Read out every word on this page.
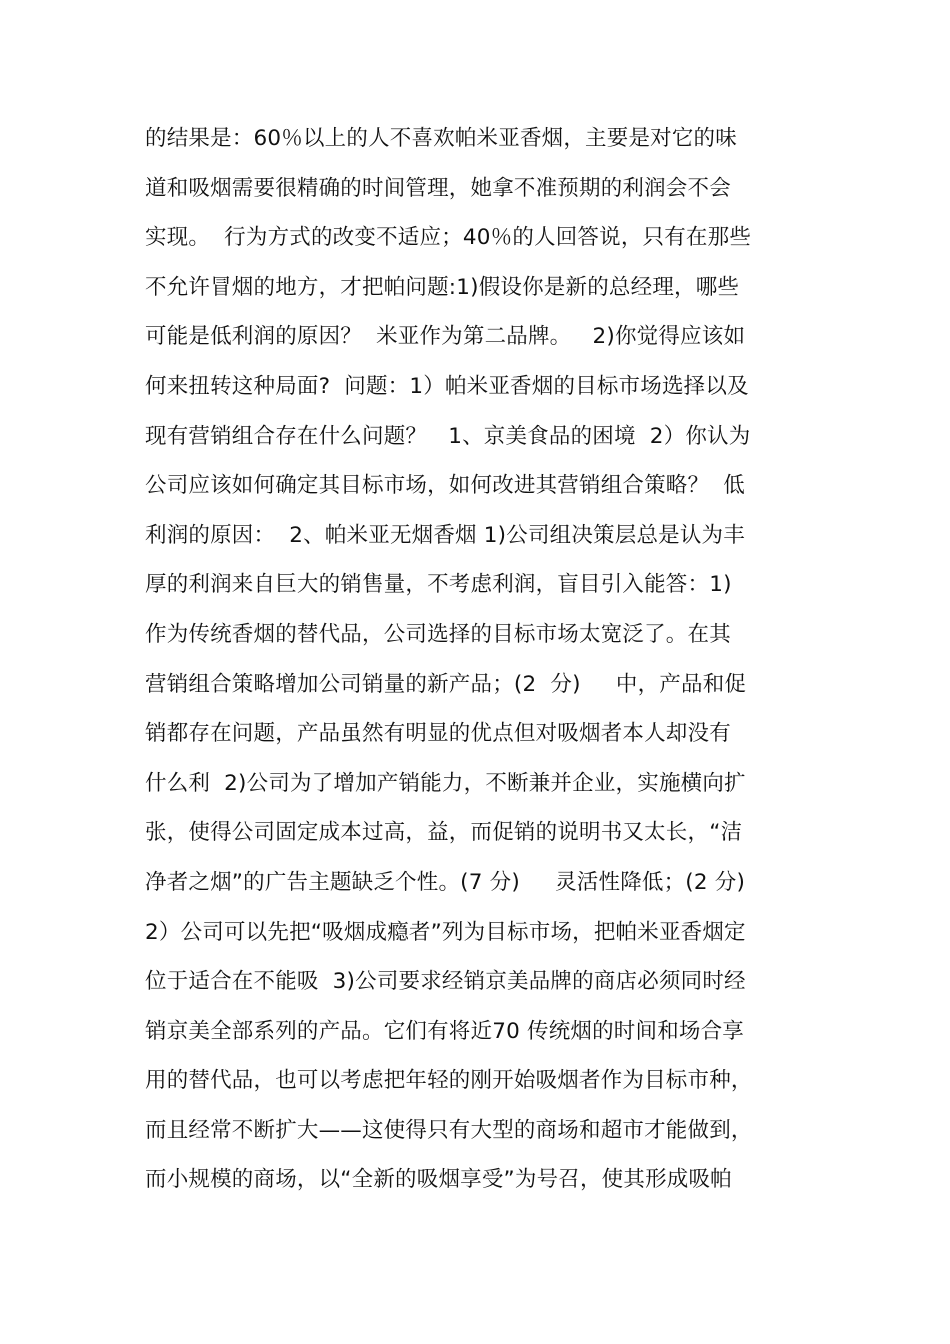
的结果是：60％以上的人不喜欢帕米亚香烟，主要是对它的味
道和吸烟需要很精确的时间管理，她拿不准预期的利润会不会
实现。  行为方式的改变不适应；40％的人回答说，只有在那些
不允许冒烟的地方，才把帕问题:1)假设你是新的总经理，哪些
可能是低利润的原因？  米亚作为第二品牌。   2)你觉得应该如
何来扭转这种局面?  问题：1）帕米亚香烟的目标市场选择以及
现有营销组合存在什么问题？   1、京美食品的困境  2）你认为
公司应该如何确定其目标市场，如何改进其营销组合策略？  低
利润的原因：  2、帕米亚无烟香烟 1)公司组决策层总是认为丰
厚的利润来自巨大的销售量，不考虑利润，盲目引入能答：1)
作为传统香烟的替代品，公司选择的目标市场太宽泛了。在其
营销组合策略增加公司销量的新产品；(2  分)     中，产品和促
销都存在问题，产品虽然有明显的优点但对吸烟者本人却没有
什么利  2)公司为了增加产销能力，不断兼并企业，实施横向扩
张，使得公司固定成本过高，益，而促销的说明书又太长，“洁
净者之烟”的广告主题缺乏个性。(7 分)     灵活性降低；(2 分)
2）公司可以先把“吸烟成瘾者”列为目标市场，把帕米亚香烟定
位于适合在不能吸  3)公司要求经销京美品牌的商店必须同时经
销京美全部系列的产品。它们有将近70 传统烟的时间和场合享
用的替代品，也可以考虑把年轻的刚开始吸烟者作为目标市种，
而且经常不断扩大——这使得只有大型的商场和超市才能做到，
而小规模的商场，以“全新的吸烟享受”为号召，使其形成吸帕
